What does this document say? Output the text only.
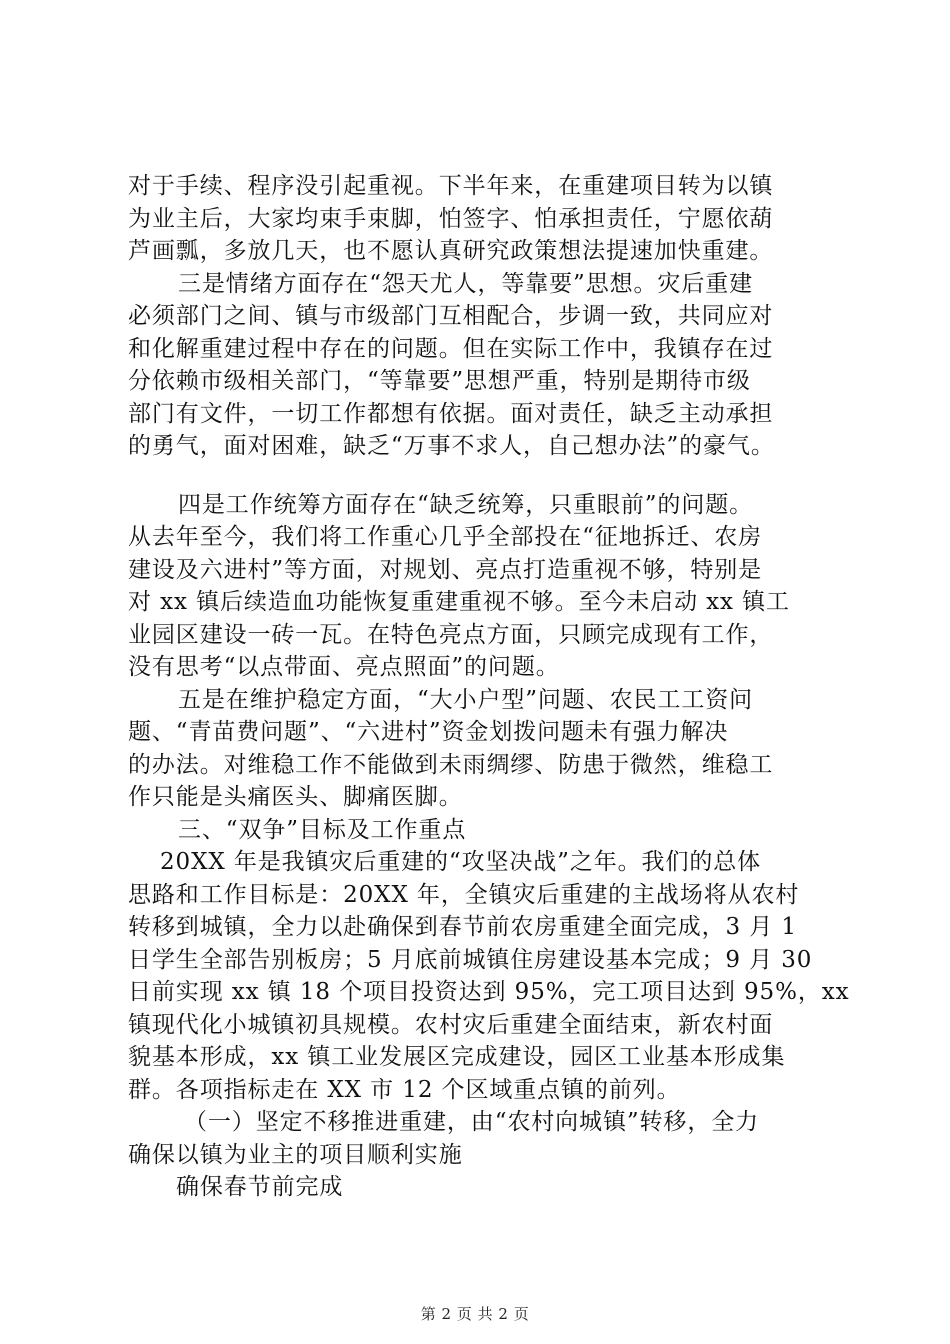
对于手续、程序没引起重视。下半年来，在重建项目转为以镇
为业主后，大家均束手束脚，怕签字、怕承担责任，宁愿依葫
芦画瓢，多放几天，也不愿认真研究政策想法提速加快重建。
三是情绪方面存在“怨天尤人，等靠要”思想。灾后重建
必须部门之间、镇与市级部门互相配合，步调一致，共同应对
和化解重建过程中存在的问题。但在实际工作中，我镇存在过
分依赖市级相关部门，“等靠要”思想严重，特别是期待市级
部门有文件，一切工作都想有依据。面对责任，缺乏主动承担
的勇气，面对困难，缺乏“万事不求人，自己想办法”的豪气。
四是工作统筹方面存在“缺乏统筹，只重眼前”的问题。
从去年至今，我们将工作重心几乎全部投在“征地拆迁、农房
建设及六进村”等方面，对规划、亮点打造重视不够，特别是
对 xx 镇后续造血功能恢复重建重视不够。至今未启动 xx 镇工
业园区建设一砖一瓦。在特色亮点方面，只顾完成现有工作，
没有思考“以点带面、亮点照面”的问题。
五是在维护稳定方面，“大小户型”问题、农民工工资问
题、“青苗费问题”、“六进村”资金划拨问题未有强力解决
的办法。对维稳工作不能做到未雨绸缪、防患于微然，维稳工
作只能是头痛医头、脚痛医脚。
三、“双争”目标及工作重点
20XX 年是我镇灾后重建的“攻坚决战”之年。我们的总体
思路和工作目标是：20XX 年，全镇灾后重建的主战场将从农村
转移到城镇，全力以赴确保到春节前农房重建全面完成，3 月 1
日学生全部告别板房；5 月底前城镇住房建设基本完成；9 月 30
日前实现 xx 镇 18 个项目投资达到 95%，完工项目达到 95%，xx
镇现代化小城镇初具规模。农村灾后重建全面结束，新农村面
貌基本形成，xx 镇工业发展区完成建设，园区工业基本形成集
群。各项指标走在 XX 市 12 个区域重点镇的前列。
（一）坚定不移推进重建，由“农村向城镇”转移，全力
确保以镇为业主的项目顺利实施
确保春节前完成
第 2 页 共 2 页
